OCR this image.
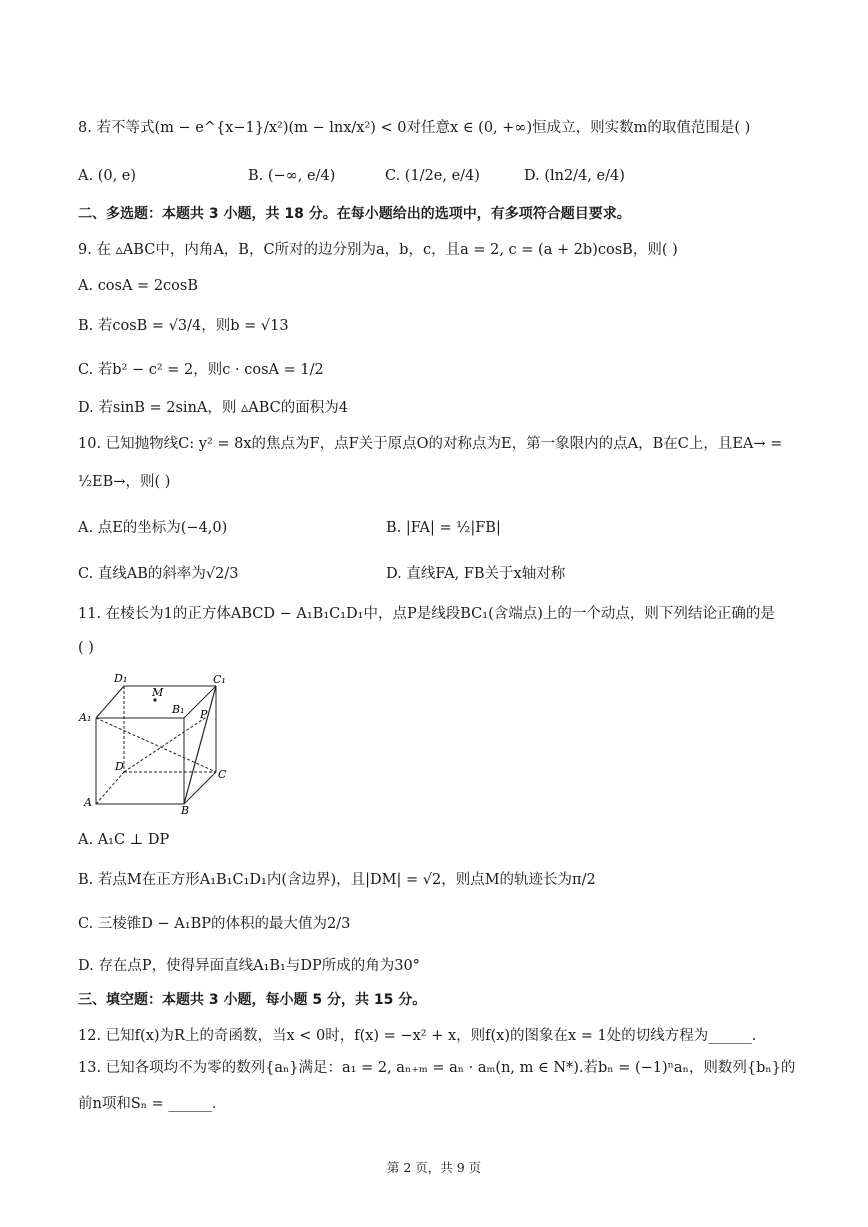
8. 若不等式(m − e^{x−1}/x²)(m − lnx/x²) < 0对任意x ∈ (0, +∞)恒成立，则实数m的取值范围是( )
A. (0, e)	B. (−∞, e/4)	C. (1/2e, e/4)	D. (ln2/4, e/4)
二、多选题：本题共 3 小题，共 18 分。在每小题给出的选项中，有多项符合题目要求。
9. 在 ▵ABC中，内角A，B，C所对的边分别为a，b，c，且a = 2, c = (a + 2b)cosB，则( )
A. cosA = 2cosB
B. 若cosB = √3/4，则b = √13
C. 若b² − c² = 2，则c · cosA = 1/2
D. 若sinB = 2sinA，则 ▵ABC的面积为4
10. 已知抛物线C: y² = 8x的焦点为F，点F关于原点O的对称点为E，第一象限内的点A，B在C上，且EA→ =
½EB→，则( )
A. 点E的坐标为(−4,0)	B. |FA| = ½|FB|
C. 直线AB的斜率为√2/3	D. 直线FA, FB关于x轴对称
11. 在棱长为1的正方体ABCD − A₁B₁C₁D₁中，点P是线段BC₁(含端点)上的一个动点，则下列结论正确的是
( )
D₁	C₁
M
B₁
A₁	P
D
C
A
B
A. A₁C ⊥ DP
B. 若点M在正方形A₁B₁C₁D₁内(含边界)，且|DM| = √2，则点M的轨迹长为π/2
C. 三棱锥D − A₁BP的体积的最大值为2/3
D. 存在点P，使得异面直线A₁B₁与DP所成的角为30°
三、填空题：本题共 3 小题，每小题 5 分，共 15 分。
12. 已知f(x)为R上的奇函数，当x < 0时，f(x) = −x² + x，则f(x)的图象在x = 1处的切线方程为______.
13. 已知各项均不为零的数列{aₙ}满足：a₁ = 2, aₙ₊ₘ = aₙ · aₘ(n, m ∈ N*).若bₙ = (−1)ⁿaₙ，则数列{bₙ}的
前n项和Sₙ = ______.
第 2 页，共 9 页
